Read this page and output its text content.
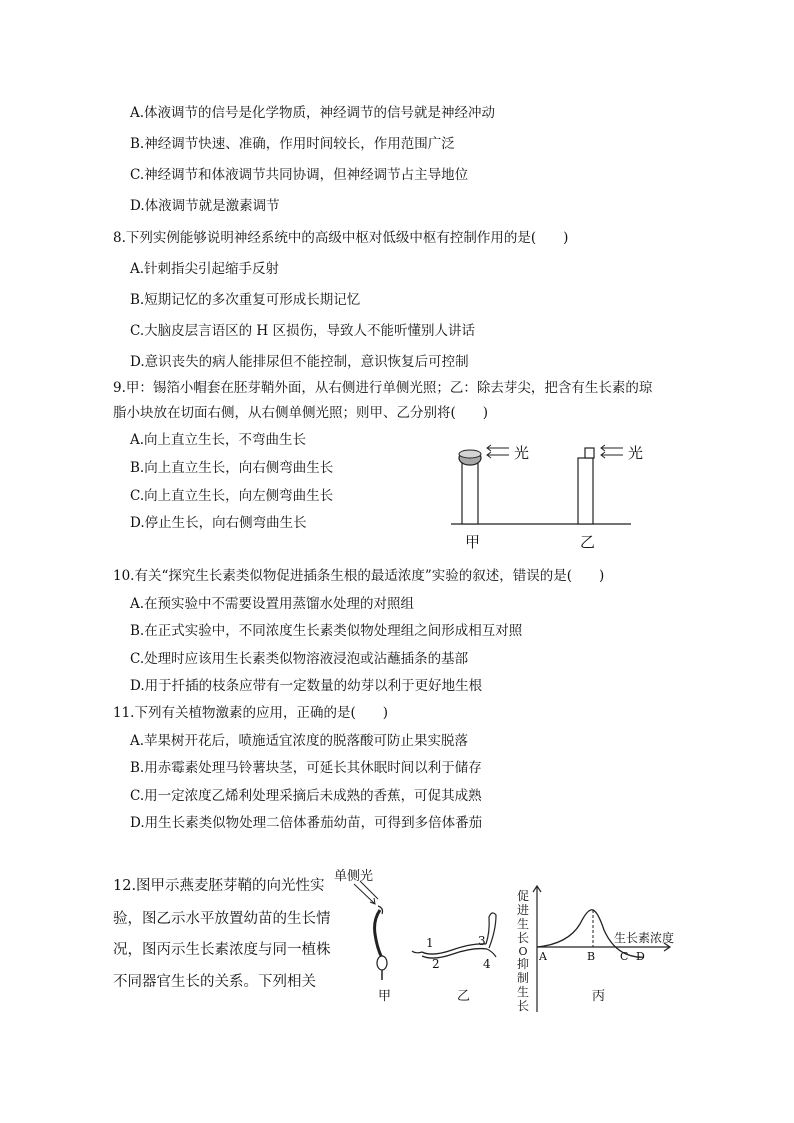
A.体液调节的信号是化学物质，神经调节的信号就是神经冲动
B.神经调节快速、准确，作用时间较长，作用范围广泛
C.神经调节和体液调节共同协调，但神经调节占主导地位
D.体液调节就是激素调节
8.下列实例能够说明神经系统中的高级中枢对低级中枢有控制作用的是(　　)
A.针刺指尖引起缩手反射
B.短期记忆的多次重复可形成长期记忆
C.大脑皮层言语区的 H 区损伤，导致人不能听懂别人讲话
D.意识丧失的病人能排尿但不能控制，意识恢复后可控制
9.甲：锡箔小帽套在胚芽鞘外面，从右侧进行单侧光照；乙：除去芽尖，把含有生长素的琼
脂小块放在切面右侧，从右侧单侧光照；则甲、乙分别将(　　)
A.向上直立生长，不弯曲生长
B.向上直立生长，向右侧弯曲生长
C.向上直立生长，向左侧弯曲生长
D.停止生长，向右侧弯曲生长
光	光
甲	乙
10.有关“探究生长素类似物促进插条生根的最适浓度”实验的叙述，错误的是(　　)
A.在预实验中不需要设置用蒸馏水处理的对照组
B.在正式实验中，不同浓度生长素类似物处理组之间形成相互对照
C.处理时应该用生长素类似物溶液浸泡或沾蘸插条的基部
D.用于扦插的枝条应带有一定数量的幼芽以利于更好地生根
11.下列有关植物激素的应用，正确的是(　　)
A.苹果树开花后，喷施适宜浓度的脱落酸可防止果实脱落
B.用赤霉素处理马铃薯块茎，可延长其休眠时间以利于储存
C.用一定浓度乙烯利处理采摘后未成熟的香蕉，可促其成熟
D.用生长素类似物处理二倍体番茄幼苗，可得到多倍体番茄
12.图甲示燕麦胚芽鞘的向光性实
验，图乙示水平放置幼苗的生长情
况，图丙示生长素浓度与同一植株
不同器官生长的关系。下列相关
单侧光
甲
1
2
3
4
乙
促
进
生
长
O
抑
制
生
长
生长素浓度
A	B C D
丙
